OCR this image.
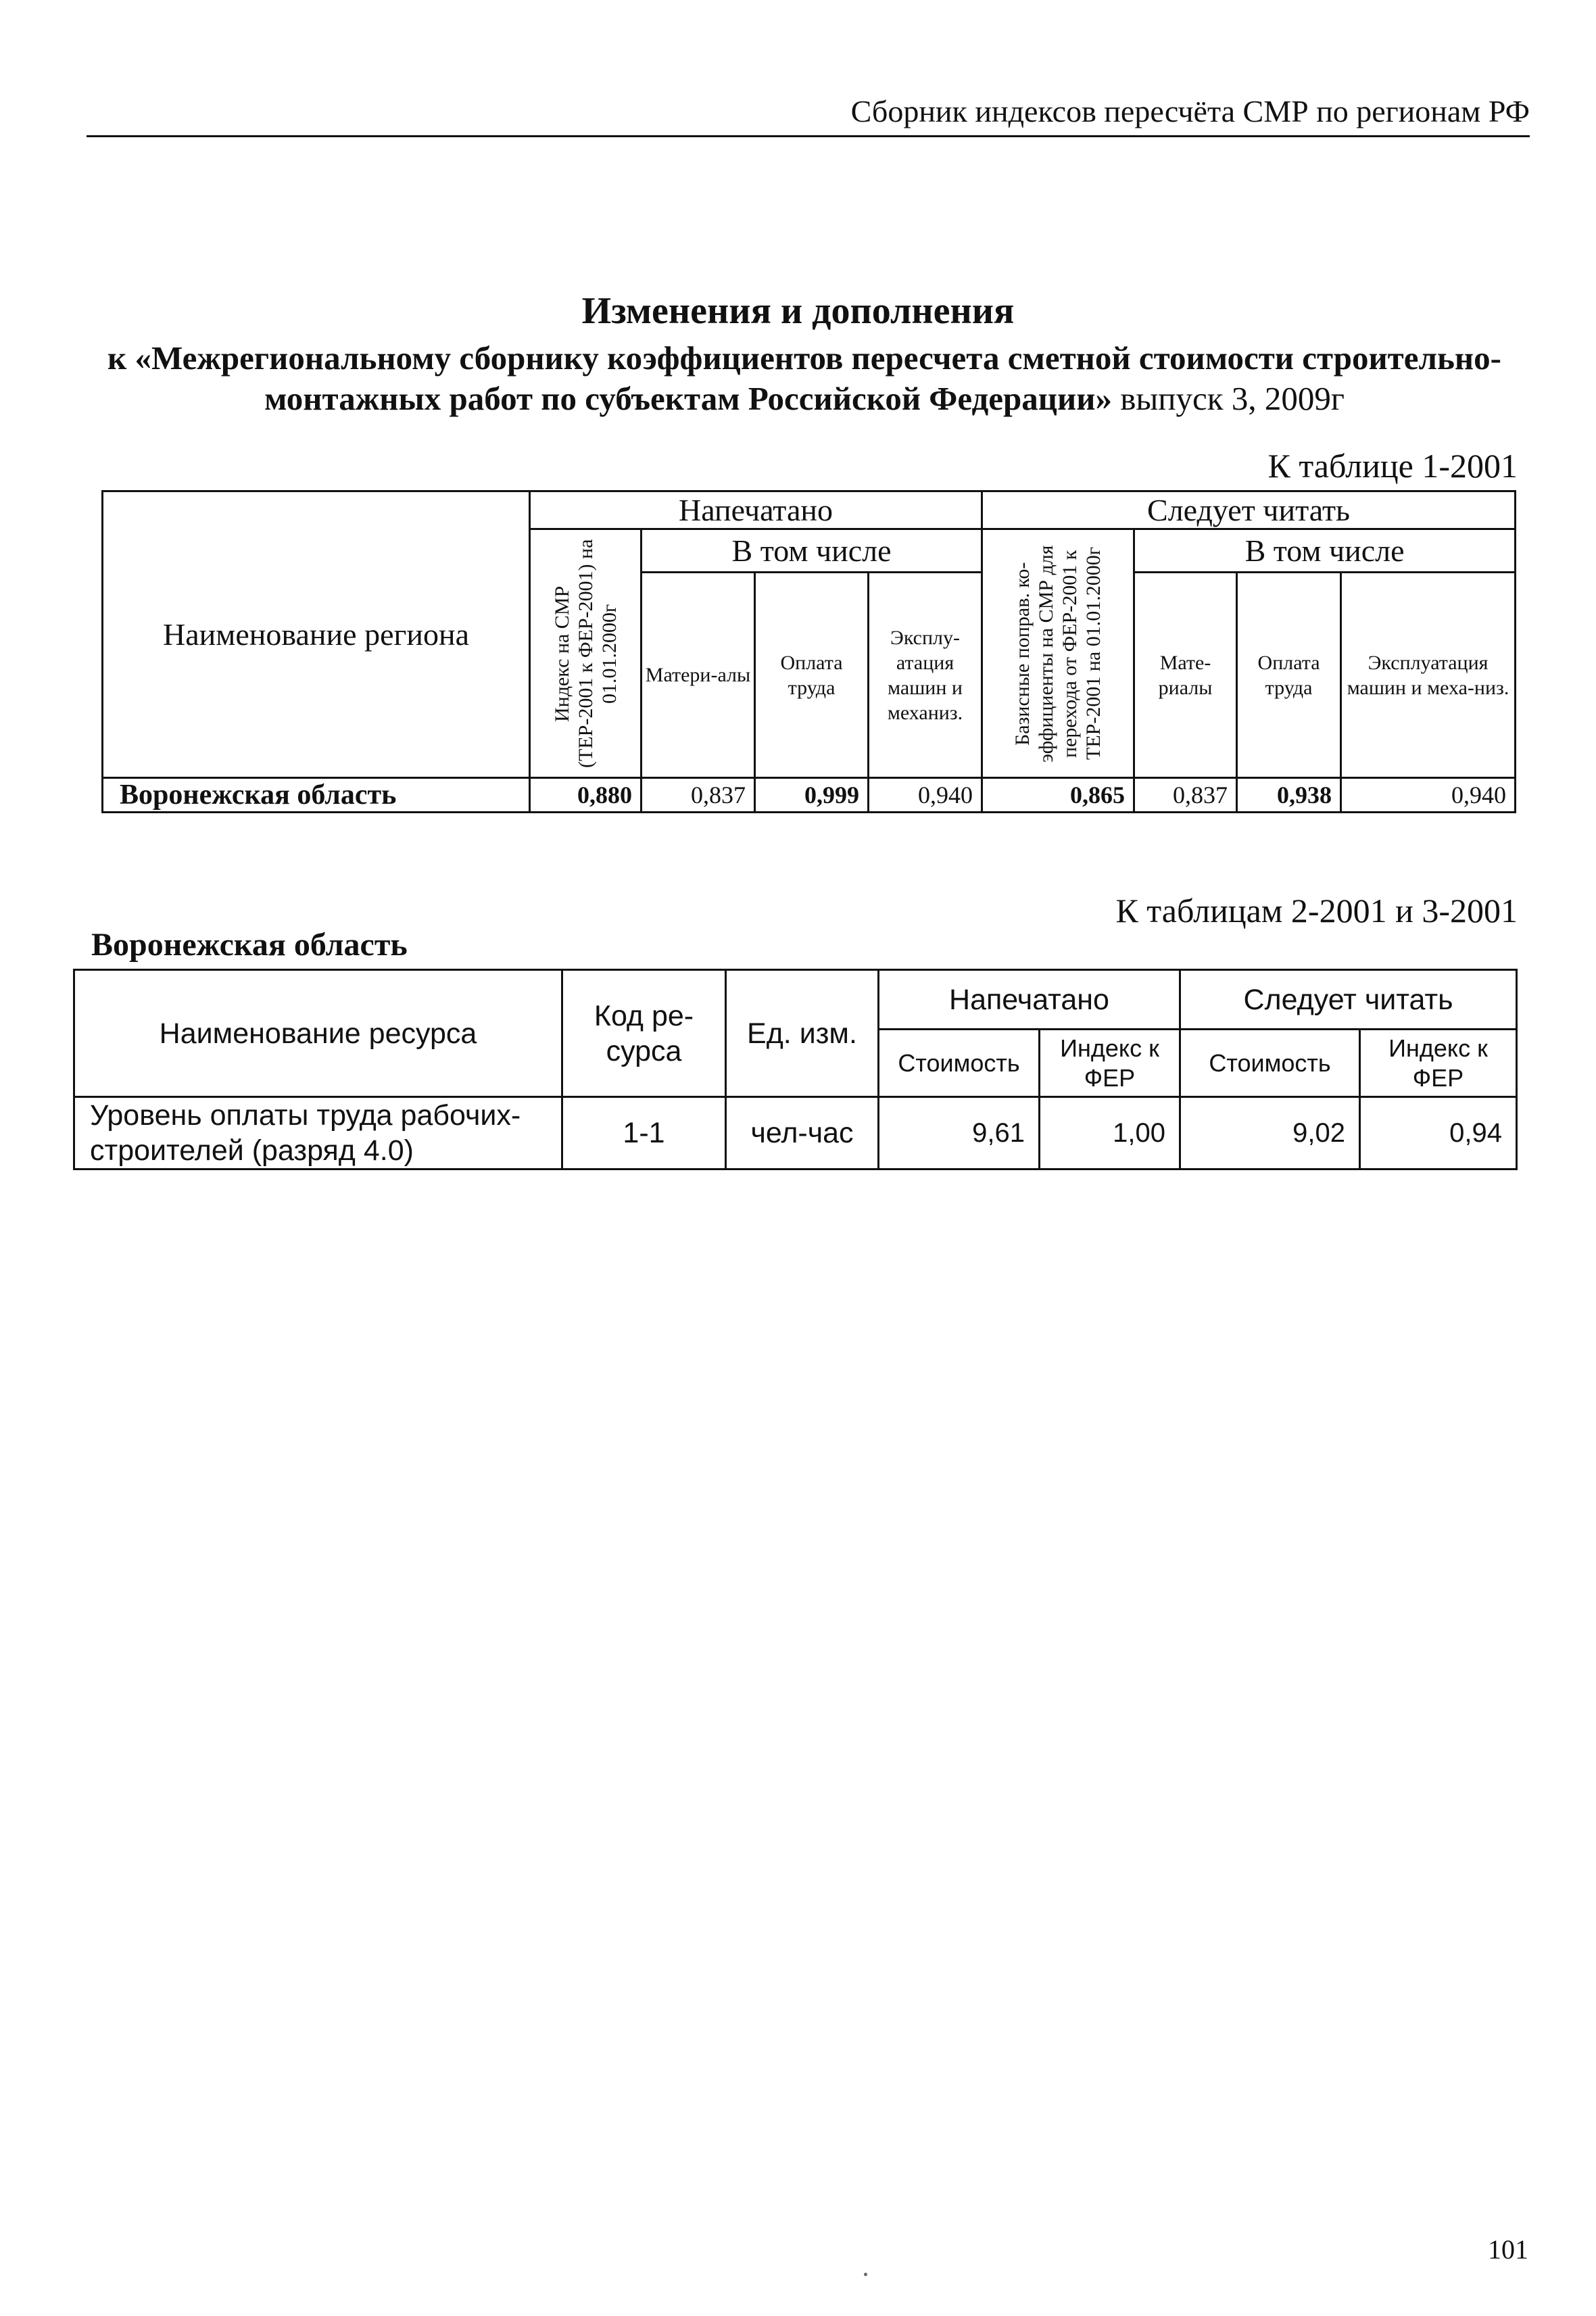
Сборник индексов пересчёта СМР по регионам РФ
Изменения и дополнения
к «Межрегиональному сборнику коэффициентов пересчета сметной стоимости строительно-монтажных работ по субъектам Российской Федерации» выпуск 3, 2009г
К таблице 1-2001
Наименование региона	Напечатано				Следует читать			

	Индекс на СМР (ТЕР-2001 к ФЕР-2001) на 01.01.2000г	В том числе			Базисные поправ. ко-эффициенты на СМР для перехода от ФЕР-2001 к ТЕР-2001 на 01.01.2000г	В том числе		
		Матери-алы	Оплата труда	Эксплу-атация машин и механиз.		Мате-риалы	Оплата труда	Эксплуатация машин и меха-низ.
Воронежская область	0,880	0,837	0,999	0,940	0,865	0,837	0,938	0,940
К таблицам 2-2001 и 3-2001
Воронежская область
Наименование ресурса	Код ре-сурса	Ед. изм.	Напечатано		Следует читать	
			Стоимость	Индекс к ФЕР	Стоимость	Индекс к ФЕР
Уровень оплаты труда рабочих-строителей (разряд 4.0)	1-1	чел-час	9,61	1,00	9,02	0,94
101
